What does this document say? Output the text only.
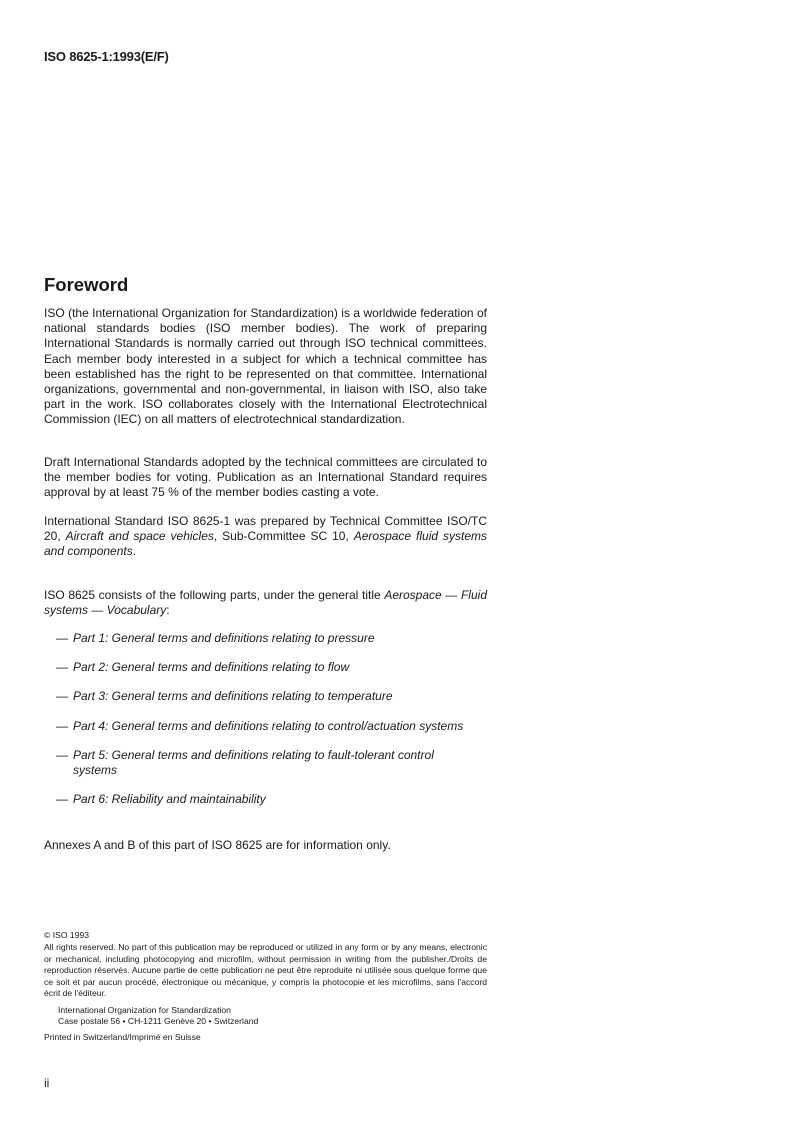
ISO 8625-1:1993(E/F)
Foreword

ISO (the International Organization for Standardization) is a worldwide federation of national standards bodies (ISO member bodies). The work of preparing International Standards is normally carried out through ISO technical committees. Each member body interested in a subject for which a technical committee has been established has the right to be represented on that committee. International organizations, governmental and non-governmental, in liaison with ISO, also take part in the work. ISO collaborates closely with the International Electrotechnical Commission (IEC) on all matters of electrotechnical standardization.

Draft International Standards adopted by the technical committees are circulated to the member bodies for voting. Publication as an International Standard requires approval by at least 75 % of the member bodies casting a vote.

International Standard ISO 8625-1 was prepared by Technical Committee ISO/TC 20, Aircraft and space vehicles, Sub-Committee SC 10, Aerospace fluid systems and components.

ISO 8625 consists of the following parts, under the general title Aerospace — Fluid systems — Vocabulary:

— Part 1: General terms and definitions relating to pressure
— Part 2: General terms and definitions relating to flow
— Part 3: General terms and definitions relating to temperature
— Part 4: General terms and definitions relating to control/actuation systems
— Part 5: General terms and definitions relating to fault-tolerant control systems
— Part 6: Reliability and maintainability

Annexes A and B of this part of ISO 8625 are for information only.

© ISO 1993

All rights reserved. No part of this publication may be reproduced or utilized in any form or by any means, electronic or mechanical, including photocopying and microfilm, without permission in writing from the publisher./Droits de reproduction réservés. Aucune partie de cette publication ne peut être reproduite ni utilisée sous quelque forme que ce soit et par aucun procédé, électronique ou mécanique, y compris la photocopie et les microfilms, sans l'accord écrit de l'éditeur.

International Organization for Standardization
Case postale 56 • CH-1211 Genève 20 • Switzerland
Printed in Switzerland/Imprimé en Suisse
ii
